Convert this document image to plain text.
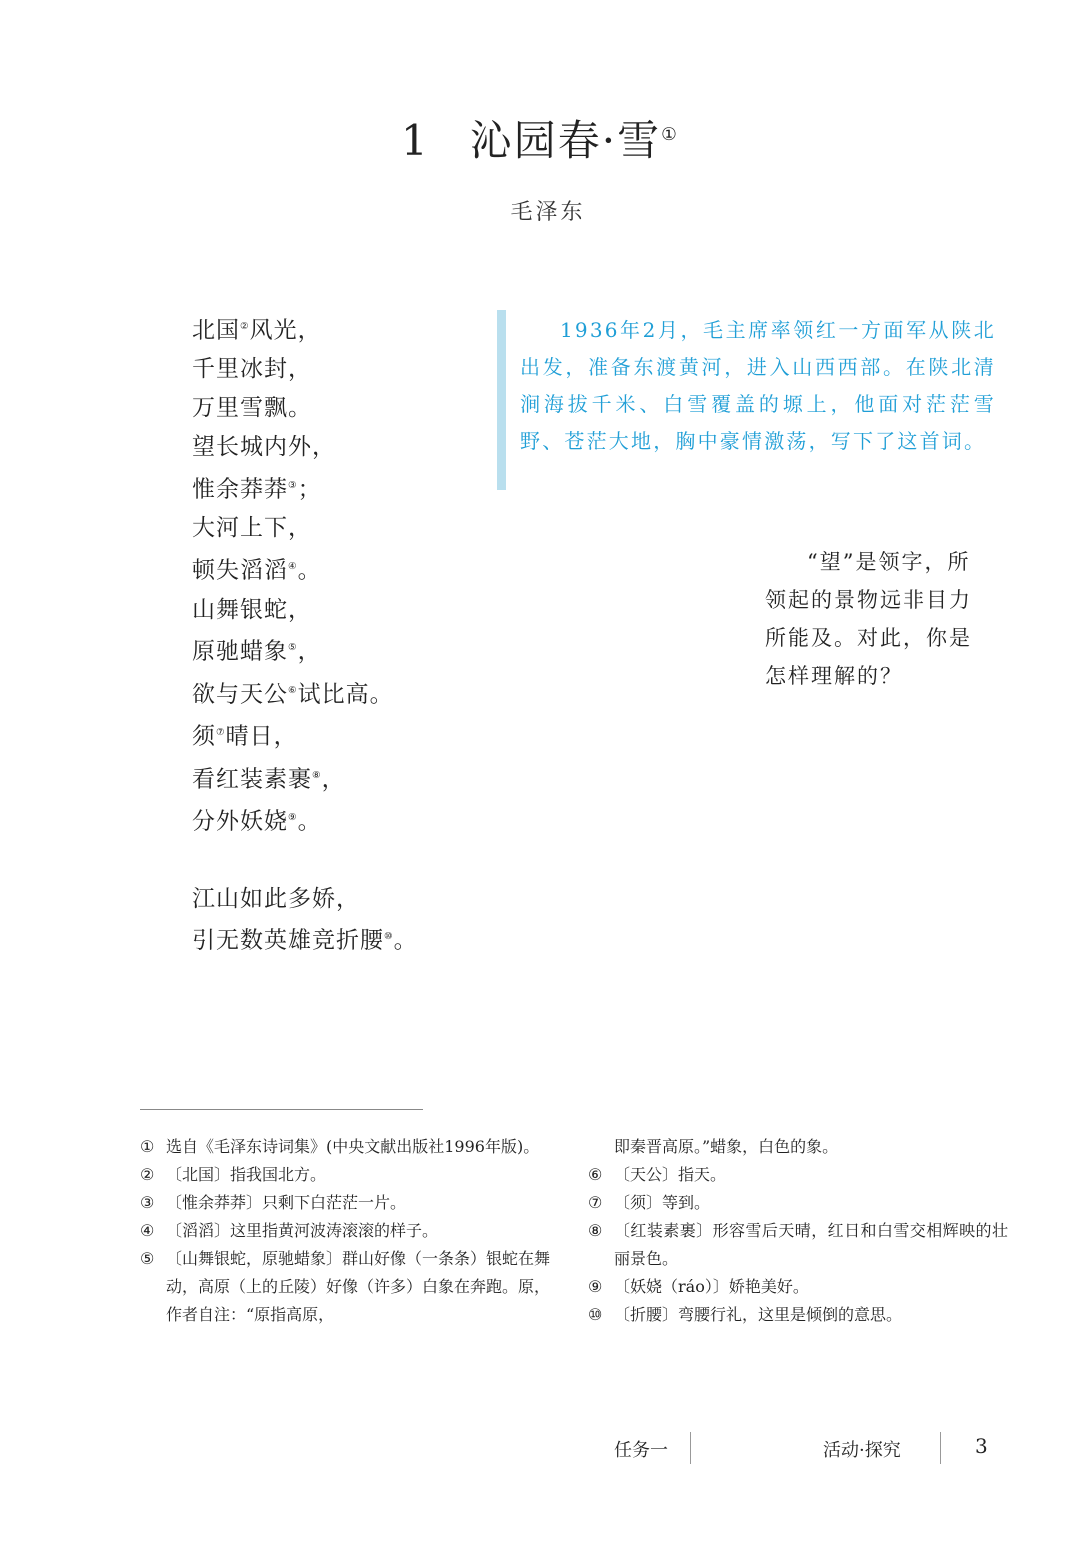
1 沁园春·雪①
毛泽东
北国②风光，
千里冰封，
万里雪飘。
望长城内外，
惟余莽莽③；
大河上下，
顿失滔滔④。
山舞银蛇，
原驰蜡象⑤，
欲与天公⑥试比高。
须⑦晴日，
看红装素裹⑧，
分外妖娆⑨。
江山如此多娇，
引无数英雄竞折腰⑩。

1936年2月，毛主席率领红一方面军从陕北出发，准备东渡黄河，进入山西西部。在陕北清涧海拔千米、白雪覆盖的塬上，他面对茫茫雪野、苍茫大地，胸中豪情激荡，写下了这首词。

“望”是领字，所领起的景物远非目力所能及。对此，你是怎样理解的？
① 选自《毛泽东诗词集》(中央文献出版社1996年版)。
② 〔北国〕指我国北方。
③ 〔惟余莽莽〕只剩下白茫茫一片。
④ 〔滔滔〕这里指黄河波涛滚滚的样子。
⑤ 〔山舞银蛇，原驰蜡象〕群山好像（一条条）银蛇在舞动，高原（上的丘陵）好像（许多）白象在奔跑。原，作者自注：“原指高原，
即秦晋高原。”蜡象，白色的象。
⑥ 〔天公〕指天。
⑦ 〔须〕等到。
⑧ 〔红装素裹〕形容雪后天晴，红日和白雪交相辉映的壮丽景色。
⑨ 〔妖娆（ráo）〕娇艳美好。
⑩ 〔折腰〕弯腰行礼，这里是倾倒的意思。
任务一	活动·探究	3
